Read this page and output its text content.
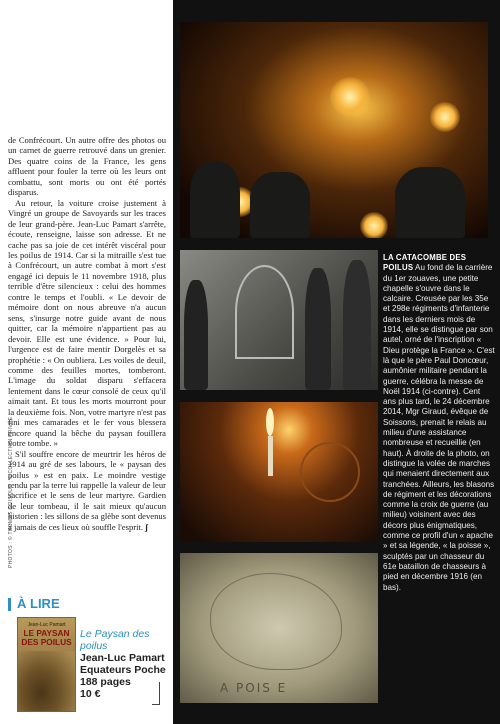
de Confrécourt. Un autre offre des photos ou un carnet de guerre retrouvé dans un grenier. Des quatre coins de la France, les gens affluent pour fouler la terre où les leurs ont combattu, sont morts ou ont été portés disparus.

Au retour, la voiture croise justement à Vingré un groupe de Savoyards sur les traces de leur grand-père. Jean-Luc Pamart s'arrête, écoute, renseigne, laisse son adresse. Et ne cache pas sa joie de cet intérêt viscéral pour les poilus de 1914. Car si la mitraille s'est tue à Confrécourt, un autre combat à mort s'est engagé ici depuis le 11 novembre 1918, plus terrible d'être silencieux : celui des hommes contre le temps et l'oubli. « Le devoir de mémoire dont on nous abreuve n'a aucun sens, s'insurge notre guide avant de nous quitter, car la mémoire n'appartient pas au devoir. Elle est une évidence. » Pour lui, l'urgence est de faire mentir Dorgelès et sa prophétie : « On oubliera. Les voiles de deuil, comme des feuilles mortes, tomberont. L'image du soldat disparu s'effacera lentement dans le cœur consolé de ceux qu'il aimait tant. Et tous les morts mourront pour la deuxième fois. Non, votre martyre n'est pas fini mes camarades et le fer vous blessera encore quand la bêche du paysan fouillera votre tombe. »

S'il souffre encore de meurtrir les héros de 1914 au gré de ses labours, le « paysan des poilus » est en paix. Le moindre vestige rendu par la terre lui rappelle la valeur de leur sacrifice et le sens de leur martyre. Gardien de leur tombeau, il le sait mieux qu'aucun historien : les sillons de sa glèbe sont devenus à jamais de ces lieux où souffle l'esprit. ʃ

PHOTOS : © THOMAS GOISQUE ; © COLLECTION PRIVÉE
À LIRE
Jean-Luc Pamart
LE PAYSAN DES POILUS
Le Paysan des poilus
Jean-Luc Pamart
Equateurs Poche
188 pages
10 €	A POIS E
LA CATACOMBE DES POILUS Au fond de la carrière du 1er zouaves, une petite chapelle s'ouvre dans le calcaire. Creusée par les 35e et 298e régiments d'infanterie dans les derniers mois de 1914, elle se distingue par son autel, orné de l'inscription « Dieu protège la France ». C'est là que le père Paul Doncœur, aumônier militaire pendant la guerre, célébra la messe de Noël 1914 (ci-contre). Cent ans plus tard, le 24 décembre 2014, Mgr Giraud, évêque de Soissons, prenait le relais au milieu d'une assistance nombreuse et recueillie (en haut). À droite de la photo, on distingue la volée de marches qui menaient directement aux tranchées. Ailleurs, les blasons de régiment et les décorations comme la croix de guerre (au milieu) voisinent avec des décors plus énigmatiques, comme ce profil d'un « apache » et sa légende, « la poisse », sculptés par un chasseur du 61e bataillon de chasseurs à pied en décembre 1916 (en bas).
